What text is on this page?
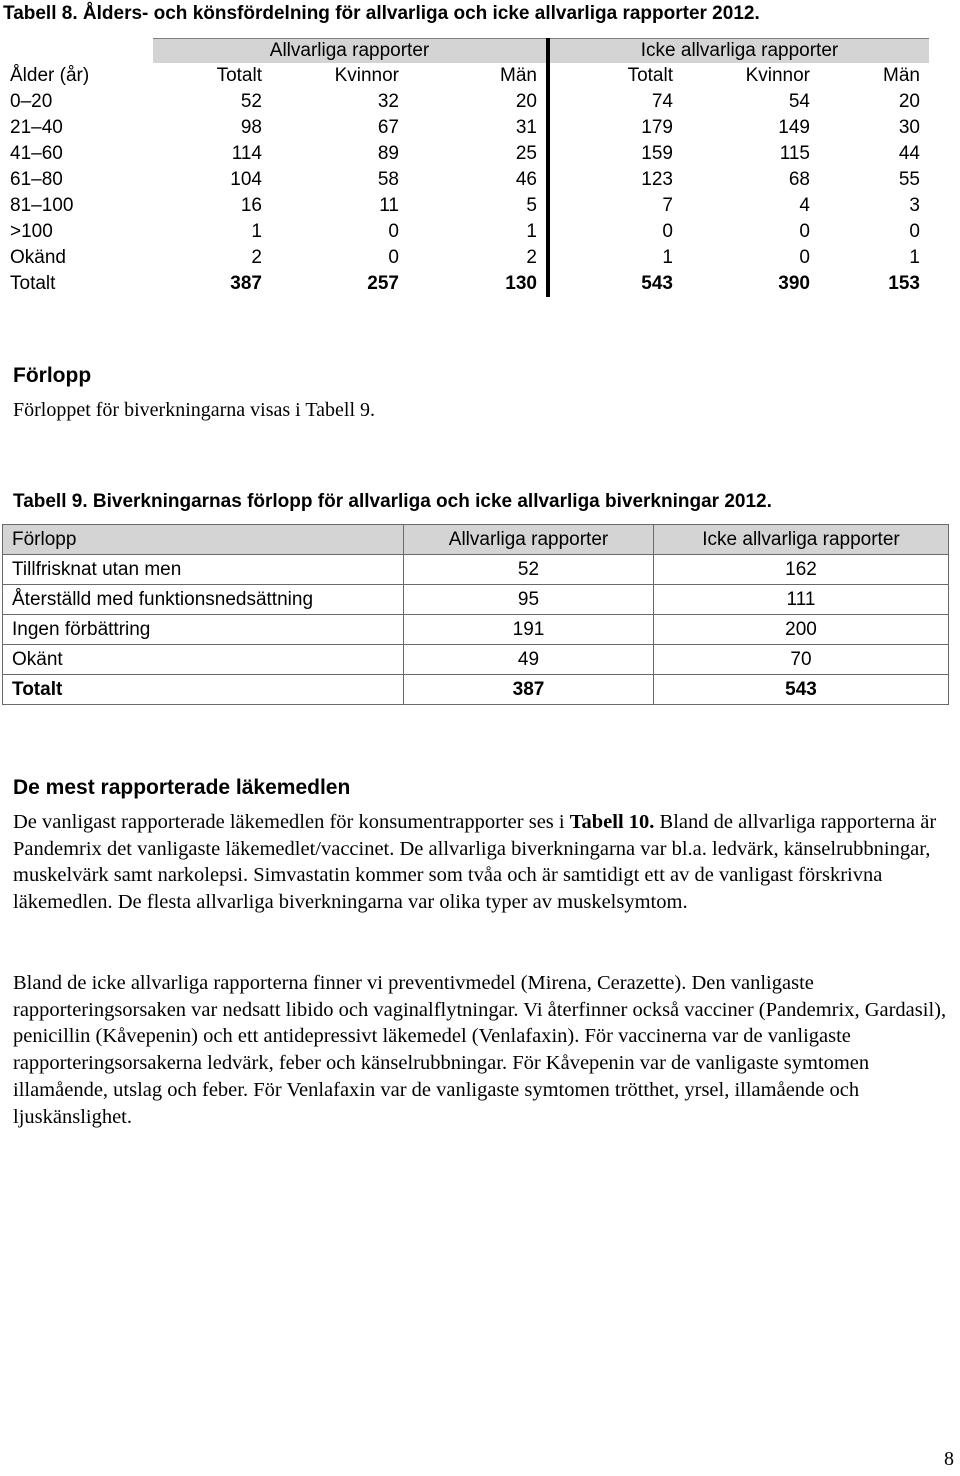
Tabell 8. Ålders- och könsfördelning för allvarliga och icke allvarliga rapporter 2012.
	Allvarliga rapporter			Icke allvarliga rapporter		
Ålder (år)	Totalt	Kvinnor	Män	Totalt	Kvinnor	Män
0–20	52	32	20	74	54	20
21–40	98	67	31	179	149	30
41–60	114	89	25	159	115	44
61–80	104	58	46	123	68	55
81–100	16	11	5	7	4	3
>100	1	0	1	0	0	0
Okänd	2	0	2	1	0	1
Totalt	387	257	130	543	390	153
Förlopp
Förloppet för biverkningarna visas i Tabell 9.
Tabell 9. Biverkningarnas förlopp för allvarliga och icke allvarliga biverkningar 2012.
Förlopp	Allvarliga rapporter	Icke allvarliga rapporter
Tillfrisknat utan men	52	162
Återställd med funktionsnedsättning	95	111
Ingen förbättring	191	200
Okänt	49	70
Totalt	387	543
De mest rapporterade läkemedlen
De vanligast rapporterade läkemedlen för konsumentrapporter ses i Tabell 10. Bland de allvarliga rapporterna är Pandemrix det vanligaste läkemedlet/vaccinet. De allvarliga biverkningarna var bl.a. ledvärk, känselrubbningar, muskelvärk samt narkolepsi. Simvastatin kommer som tvåa och är samtidigt ett av de vanligast förskrivna läkemedlen. De flesta allvarliga biverkningarna var olika typer av muskelsymtom.
Bland de icke allvarliga rapporterna finner vi preventivmedel (Mirena, Cerazette). Den vanligaste rapporteringsorsaken var nedsatt libido och vaginalflytningar. Vi återfinner också vacciner (Pandemrix, Gardasil), penicillin (Kåvepenin) och ett antidepressivt läkemedel (Venlafaxin). För vaccinerna var de vanligaste rapporteringsorsakerna ledvärk, feber och känselrubbningar. För Kåvepenin var de vanligaste symtomen illamående, utslag och feber. För Venlafaxin var de vanligaste symtomen trötthet, yrsel, illamående och ljuskänslighet.
8
